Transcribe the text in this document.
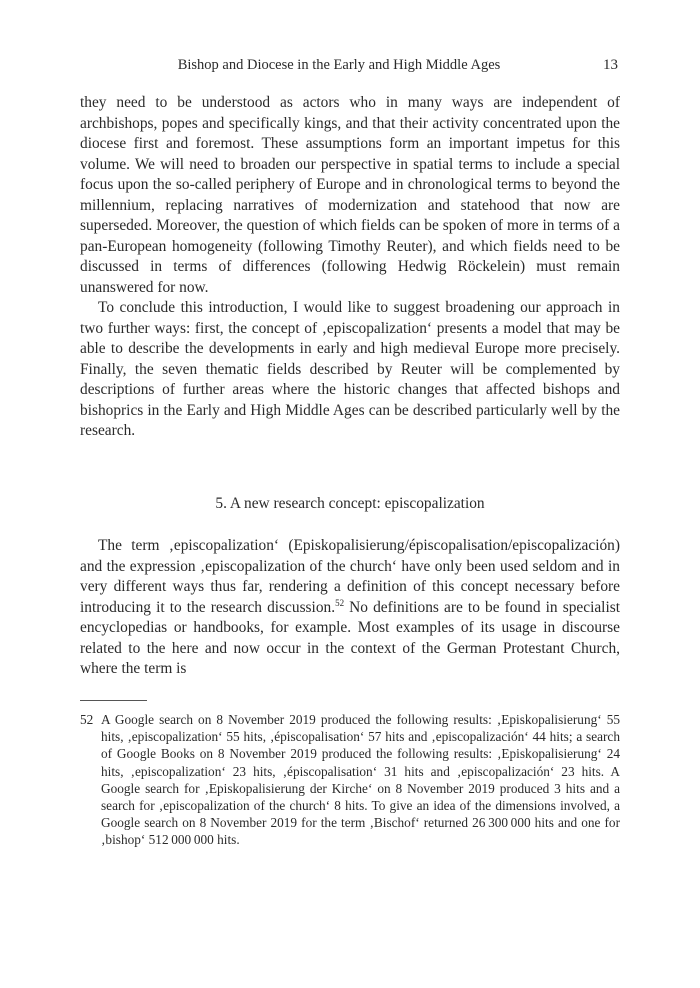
Bishop and Diocese in the Early and High Middle Ages	13

they need to be understood as actors who in many ways are independent of archbishops, popes and specifically kings, and that their activity concentrated upon the diocese first and foremost. These assumptions form an important impetus for this volume. We will need to broaden our perspective in spatial terms to include a special focus upon the so-called periphery of Europe and in chronological terms to beyond the millennium, replacing narratives of modernization and statehood that now are superseded. Moreover, the question of which fields can be spoken of more in terms of a pan-European homogeneity (following Timothy Reuter), and which fields need to be discussed in terms of differences (following Hedwig Röckelein) must remain unanswered for now.

To conclude this introduction, I would like to suggest broadening our approach in two further ways: first, the concept of ‚episcopalization‘ presents a model that may be able to describe the developments in early and high medieval Europe more precisely. Finally, the seven thematic fields described by Reuter will be complemented by descriptions of further areas where the historic changes that affected bishops and bishoprics in the Early and High Middle Ages can be described particularly well by the research.

5. A new research concept: episcopalization

The term ‚episcopalization‘ (Episkopalisierung/épiscopalisation/episcopalización) and the expression ‚episcopalization of the church‘ have only been used seldom and in very different ways thus far, rendering a definition of this concept necessary before introducing it to the research discussion.$^{52}$ No definitions are to be found in specialist encyclopedias or handbooks, for example. Most examples of its usage in discourse related to the here and now occur in the context of the German Protestant Church, where the term is

52 A Google search on 8 November 2019 produced the following results: ‚Episkopalisierung‘ 55 hits, ‚episcopalization‘ 55 hits, ‚épiscopalisation‘ 57 hits and ‚episcopalización‘ 44 hits; a search of Google Books on 8 November 2019 produced the following results: ‚Episkopalisierung‘ 24 hits, ‚episcopalization‘ 23 hits, ‚épiscopalisation‘ 31 hits and ‚episcopalización‘ 23 hits. A Google search for ‚Episkopalisierung der Kirche‘ on 8 November 2019 produced 3 hits and a search for ‚episcopalization of the church‘ 8 hits. To give an idea of the dimensions involved, a Google search on 8 November 2019 for the term ‚Bischof‘ returned 26 300 000 hits and one for ‚bishop‘ 512 000 000 hits.
